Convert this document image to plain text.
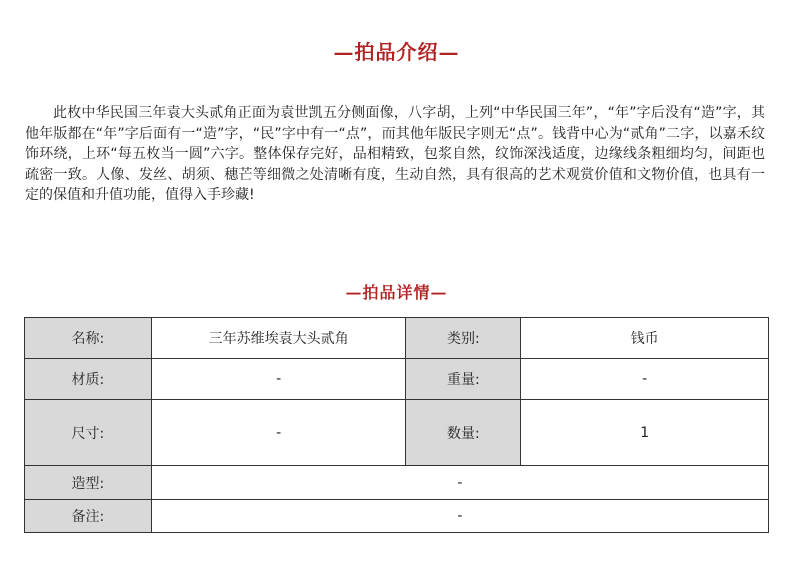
—拍品介绍—

此枚中华民国三年袁大头贰角正面为袁世凯五分侧面像，八字胡，上列“中华民国三年”，“年”字后没有“造”字，其他年版都在“年”字后面有一“造”字，“民”字中有一“点”，而其他年版民字则无“点”。钱背中心为“贰角”二字，以嘉禾纹饰环绕，上环“每五枚当一圆”六字。整体保存完好，品相精致，包浆自然，纹饰深浅适度，边缘线条粗细均匀，间距也疏密一致。人像、发丝、胡须、穗芒等细微之处清晰有度，生动自然，具有很高的艺术观赏价值和文物价值，也具有一定的保值和升值功能，值得入手珍藏!

—拍品详情—
名称:	三年苏维埃袁大头贰角	类别:	钱币
材质:	-	重量:	-
尺寸:	-	数量:	1
造型:	-		
备注:	-		
